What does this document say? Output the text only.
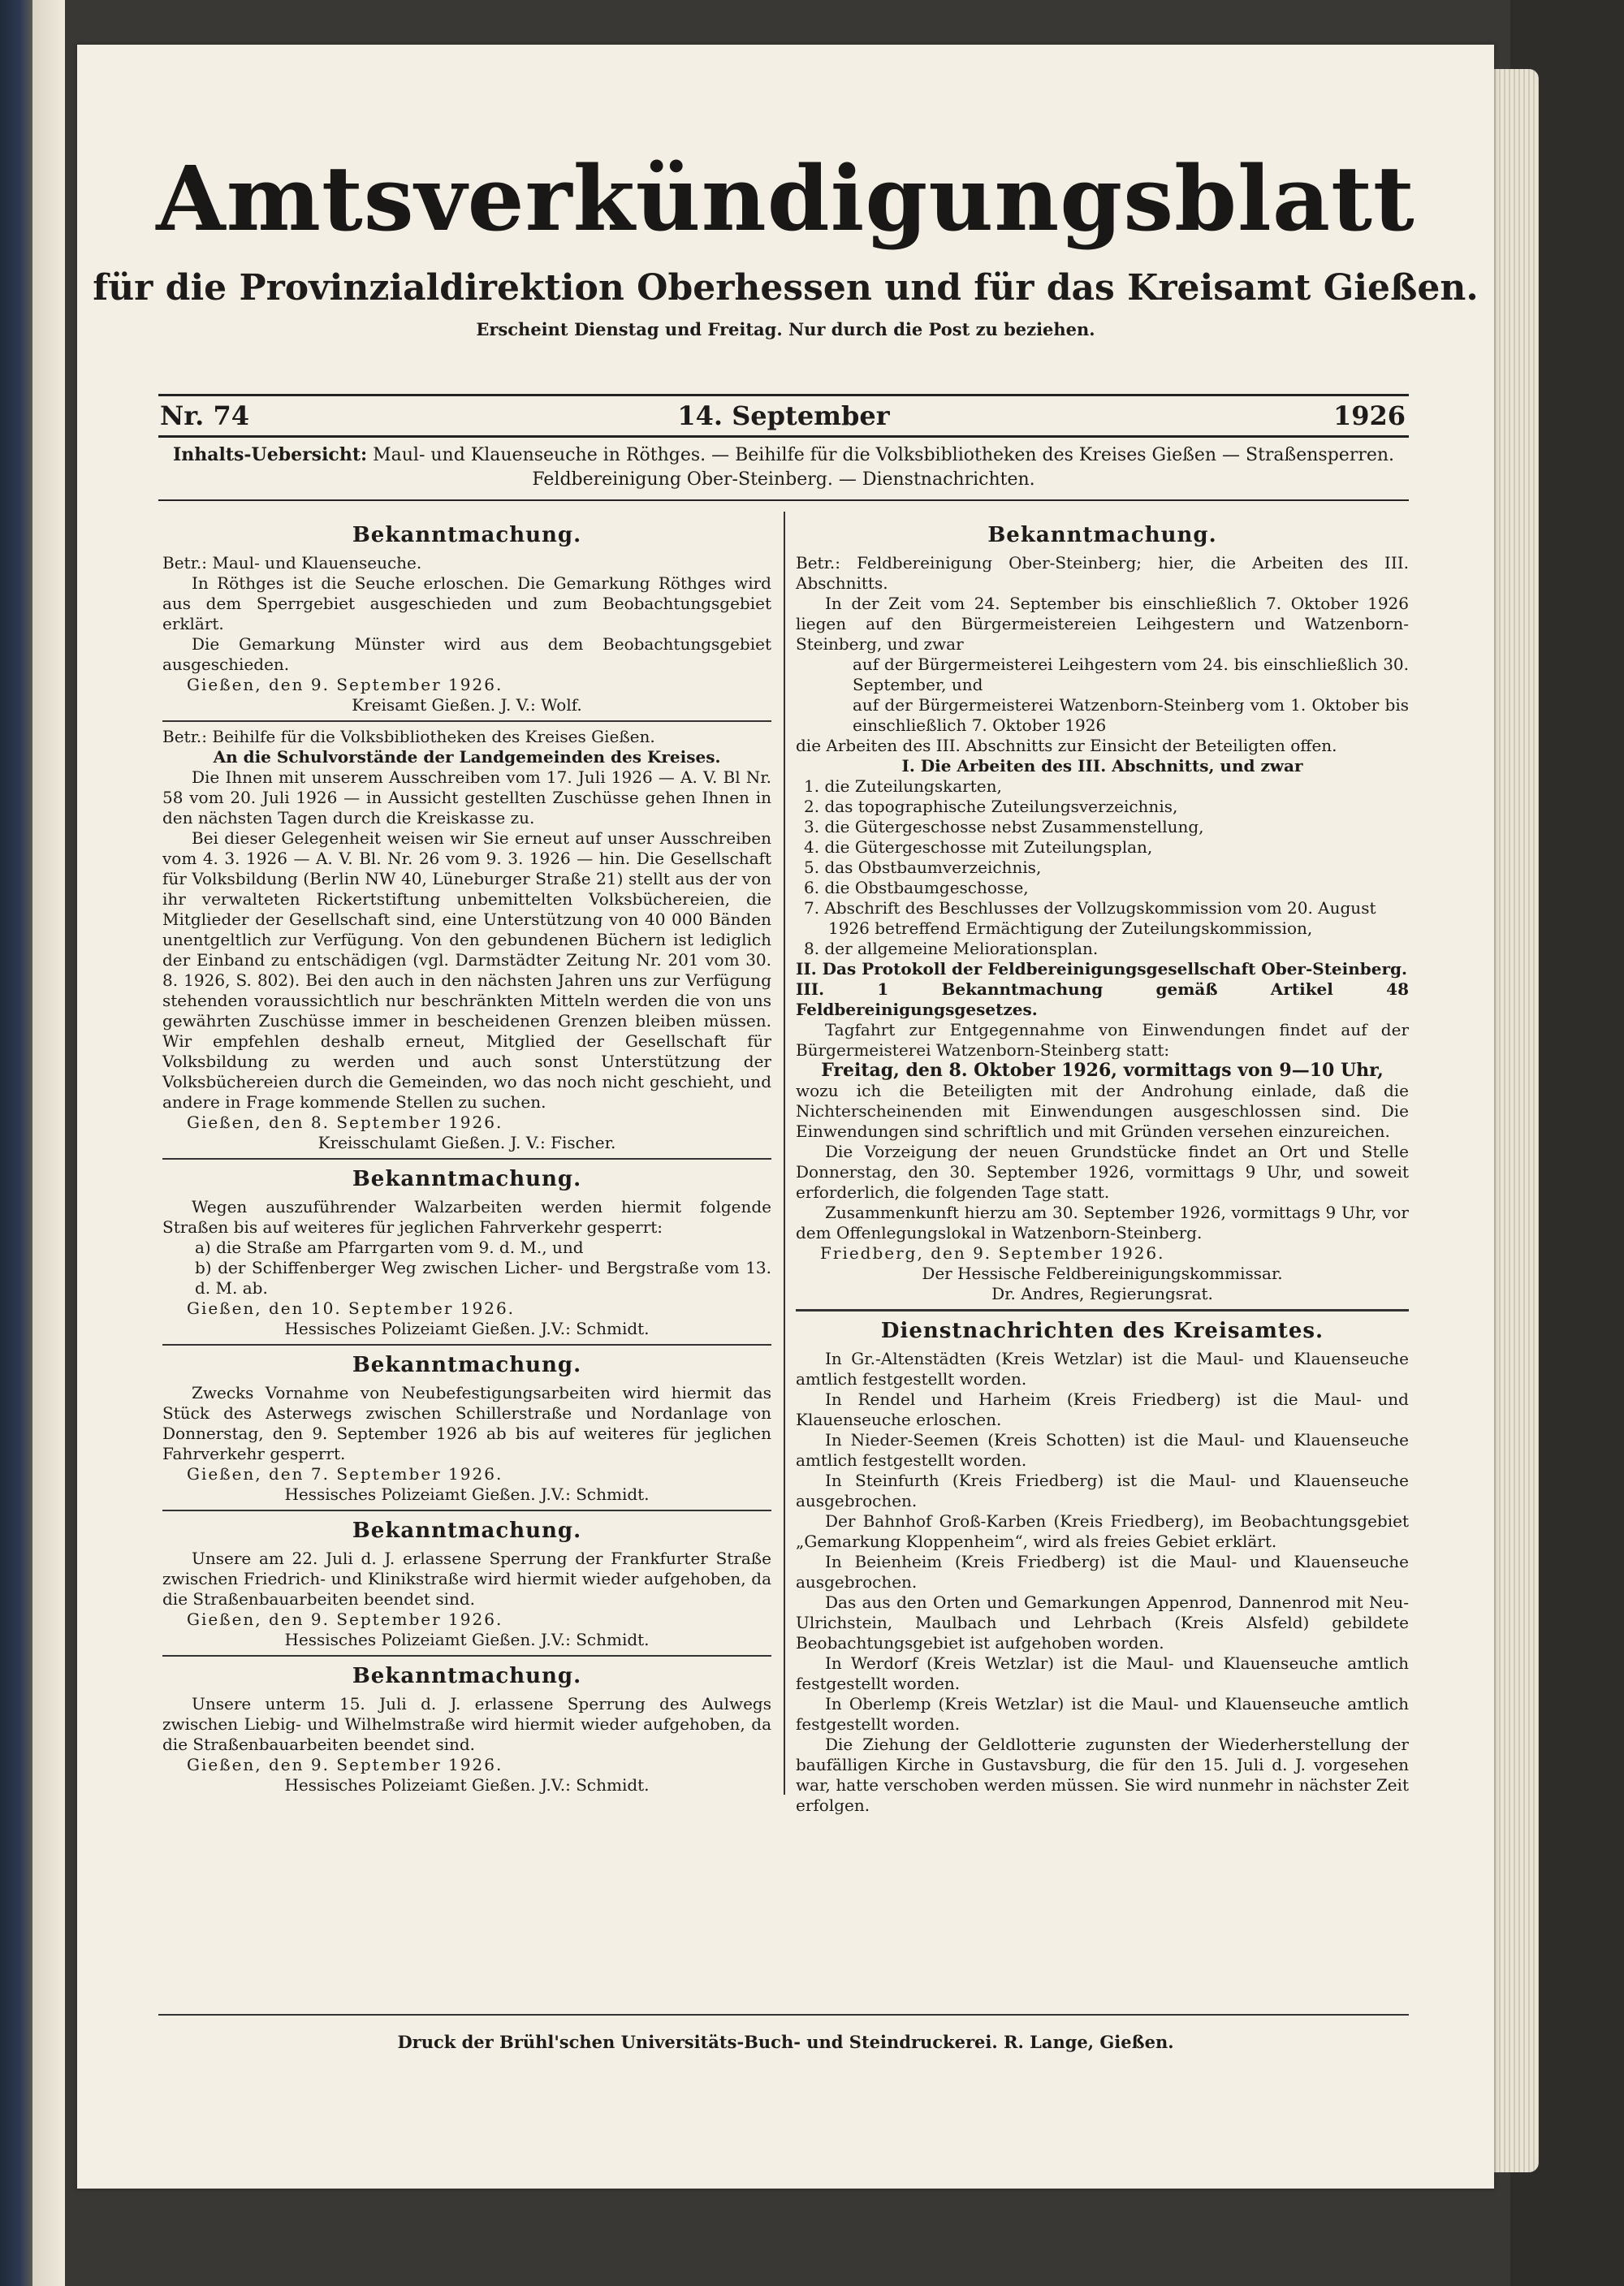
Amtsverkündigungsblatt
für die Provinzialdirektion Oberhessen und für das Kreisamt Gießen.
Erscheint Dienstag und Freitag. Nur durch die Post zu beziehen.
14. September
Nr. 74	1926
Inhalts-Uebersicht: Maul- und Klauenseuche in Röthges. — Beihilfe für die Volksbibliotheken des Kreises Gießen — Straßensperren.
Feldbereinigung Ober-Steinberg. — Dienstnachrichten.
Bekanntmachung.

Betr.: Maul- und Klauenseuche.

In Röthges ist die Seuche erloschen. Die Gemarkung Röthges wird aus dem Sperrgebiet ausgeschieden und zum Beobachtungsgebiet erklärt.

Die Gemarkung Münster wird aus dem Beobachtungsgebiet ausgeschieden.

Gießen, den 9. September 1926.

Kreisamt Gießen. J. V.: Wolf.

Betr.: Beihilfe für die Volksbibliotheken des Kreises Gießen.

An die Schulvorstände der Landgemeinden des Kreises.

Die Ihnen mit unserem Ausschreiben vom 17. Juli 1926 — A. V. Bl Nr. 58 vom 20. Juli 1926 — in Aussicht gestellten Zuschüsse gehen Ihnen in den nächsten Tagen durch die Kreiskasse zu.

Bei dieser Gelegenheit weisen wir Sie erneut auf unser Ausschreiben vom 4. 3. 1926 — A. V. Bl. Nr. 26 vom 9. 3. 1926 — hin. Die Gesellschaft für Volksbildung (Berlin NW 40, Lüneburger Straße 21) stellt aus der von ihr verwalteten Rickertstiftung unbemittelten Volksbüchereien, die Mitglieder der Gesellschaft sind, eine Unterstützung von 40 000 Bänden unentgeltlich zur Verfügung. Von den gebundenen Büchern ist lediglich der Einband zu entschädigen (vgl. Darmstädter Zeitung Nr. 201 vom 30. 8. 1926, S. 802). Bei den auch in den nächsten Jahren uns zur Verfügung stehenden voraussichtlich nur beschränkten Mitteln werden die von uns gewährten Zuschüsse immer in bescheidenen Grenzen bleiben müssen. Wir empfehlen deshalb erneut, Mitglied der Gesellschaft für Volksbildung zu werden und auch sonst Unterstützung der Volksbüchereien durch die Gemeinden, wo das noch nicht geschieht, und andere in Frage kommende Stellen zu suchen.

Gießen, den 8. September 1926.

Kreisschulamt Gießen. J. V.: Fischer.

Bekanntmachung.

Wegen auszuführender Walzarbeiten werden hiermit folgende Straßen bis auf weiteres für jeglichen Fahrverkehr gesperrt:

a) die Straße am Pfarrgarten vom 9. d. M., und

b) der Schiffenberger Weg zwischen Licher- und Bergstraße vom 13. d. M. ab.

Gießen, den 10. September 1926.

Hessisches Polizeiamt Gießen. J.V.: Schmidt.

Bekanntmachung.

Zwecks Vornahme von Neubefestigungsarbeiten wird hiermit das Stück des Asterwegs zwischen Schillerstraße und Nordanlage von Donnerstag, den 9. September 1926 ab bis auf weiteres für jeglichen Fahrverkehr gesperrt.

Gießen, den 7. September 1926.

Hessisches Polizeiamt Gießen. J.V.: Schmidt.

Bekanntmachung.

Unsere am 22. Juli d. J. erlassene Sperrung der Frankfurter Straße zwischen Friedrich- und Klinikstraße wird hiermit wieder aufgehoben, da die Straßenbauarbeiten beendet sind.

Gießen, den 9. September 1926.

Hessisches Polizeiamt Gießen. J.V.: Schmidt.

Bekanntmachung.

Unsere unterm 15. Juli d. J. erlassene Sperrung des Aulwegs zwischen Liebig- und Wilhelmstraße wird hiermit wieder aufgehoben, da die Straßenbauarbeiten beendet sind.

Gießen, den 9. September 1926.

Hessisches Polizeiamt Gießen. J.V.: Schmidt.

Bekanntmachung.

Betr.: Feldbereinigung Ober-Steinberg; hier, die Arbeiten des III. Abschnitts.

In der Zeit vom 24. September bis einschließlich 7. Oktober 1926 liegen auf den Bürgermeistereien Leihgestern und Watzenborn-Steinberg, und zwar

auf der Bürgermeisterei Leihgestern vom 24. bis einschließlich 30. September, und

auf der Bürgermeisterei Watzenborn-Steinberg vom 1. Oktober bis einschließlich 7. Oktober 1926

die Arbeiten des III. Abschnitts zur Einsicht der Beteiligten offen.

I. Die Arbeiten des III. Abschnitts, und zwar

1. die Zuteilungskarten,
2. das topographische Zuteilungsverzeichnis,
3. die Gütergeschosse nebst Zusammenstellung,
4. die Gütergeschosse mit Zuteilungsplan,
5. das Obstbaumverzeichnis,
6. die Obstbaumgeschosse,
7. Abschrift des Beschlusses der Vollzugskommission vom 20. August 1926 betreffend Ermächtigung der Zuteilungskommission,
8. der allgemeine Meliorationsplan.

II. Das Protokoll der Feldbereinigungsgesellschaft Ober-Steinberg.

III. 1 Bekanntmachung gemäß Artikel 48 Feldbereinigungsgesetzes.

Tagfahrt zur Entgegennahme von Einwendungen findet auf der Bürgermeisterei Watzenborn-Steinberg statt:

Freitag, den 8. Oktober 1926, vormittags von 9—10 Uhr,

wozu ich die Beteiligten mit der Androhung einlade, daß die Nichterscheinenden mit Einwendungen ausgeschlossen sind. Die Einwendungen sind schriftlich und mit Gründen versehen einzureichen.

Die Vorzeigung der neuen Grundstücke findet an Ort und Stelle Donnerstag, den 30. September 1926, vormittags 9 Uhr, und soweit erforderlich, die folgenden Tage statt.

Zusammenkunft hierzu am 30. September 1926, vormittags 9 Uhr, vor dem Offenlegungslokal in Watzenborn-Steinberg.

Friedberg, den 9. September 1926.

Der Hessische Feldbereinigungskommissar.

Dr. Andres, Regierungsrat.

Dienstnachrichten des Kreisamtes.

In Gr.-Altenstädten (Kreis Wetzlar) ist die Maul- und Klauenseuche amtlich festgestellt worden.

In Rendel und Harheim (Kreis Friedberg) ist die Maul- und Klauenseuche erloschen.

In Nieder-Seemen (Kreis Schotten) ist die Maul- und Klauenseuche amtlich festgestellt worden.

In Steinfurth (Kreis Friedberg) ist die Maul- und Klauenseuche ausgebrochen.

Der Bahnhof Groß-Karben (Kreis Friedberg), im Beobachtungsgebiet „Gemarkung Kloppenheim“, wird als freies Gebiet erklärt.

In Beienheim (Kreis Friedberg) ist die Maul- und Klauenseuche ausgebrochen.

Das aus den Orten und Gemarkungen Appenrod, Dannenrod mit Neu-Ulrichstein, Maulbach und Lehrbach (Kreis Alsfeld) gebildete Beobachtungsgebiet ist aufgehoben worden.

In Werdorf (Kreis Wetzlar) ist die Maul- und Klauenseuche amtlich festgestellt worden.

In Oberlemp (Kreis Wetzlar) ist die Maul- und Klauenseuche amtlich festgestellt worden.

Die Ziehung der Geldlotterie zugunsten der Wiederherstellung der baufälligen Kirche in Gustavsburg, die für den 15. Juli d. J. vorgesehen war, hatte verschoben werden müssen. Sie wird nunmehr in nächster Zeit erfolgen.

Druck der Brühl'schen Universitäts-Buch- und Steindruckerei. R. Lange, Gießen.
